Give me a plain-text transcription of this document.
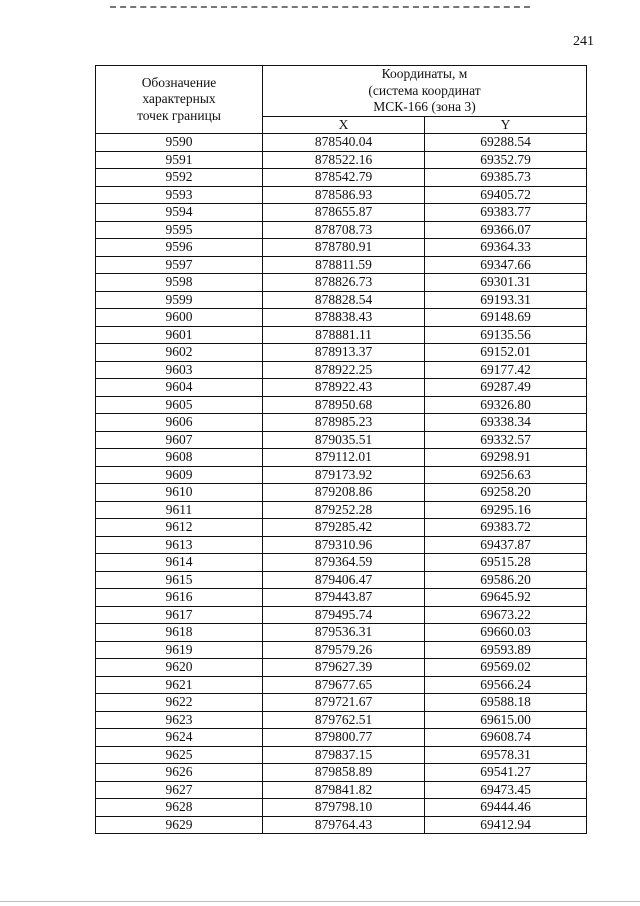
241
Обозначение
характерных
точек границы	Координаты, м
(система координат
МСК-166 (зона 3)	
	X	Y
9590	878540.04	69288.54
9591	878522.16	69352.79
9592	878542.79	69385.73
9593	878586.93	69405.72
9594	878655.87	69383.77
9595	878708.73	69366.07
9596	878780.91	69364.33
9597	878811.59	69347.66
9598	878826.73	69301.31
9599	878828.54	69193.31
9600	878838.43	69148.69
9601	878881.11	69135.56
9602	878913.37	69152.01
9603	878922.25	69177.42
9604	878922.43	69287.49
9605	878950.68	69326.80
9606	878985.23	69338.34
9607	879035.51	69332.57
9608	879112.01	69298.91
9609	879173.92	69256.63
9610	879208.86	69258.20
9611	879252.28	69295.16
9612	879285.42	69383.72
9613	879310.96	69437.87
9614	879364.59	69515.28
9615	879406.47	69586.20
9616	879443.87	69645.92
9617	879495.74	69673.22
9618	879536.31	69660.03
9619	879579.26	69593.89
9620	879627.39	69569.02
9621	879677.65	69566.24
9622	879721.67	69588.18
9623	879762.51	69615.00
9624	879800.77	69608.74
9625	879837.15	69578.31
9626	879858.89	69541.27
9627	879841.82	69473.45
9628	879798.10	69444.46
9629	879764.43	69412.94
